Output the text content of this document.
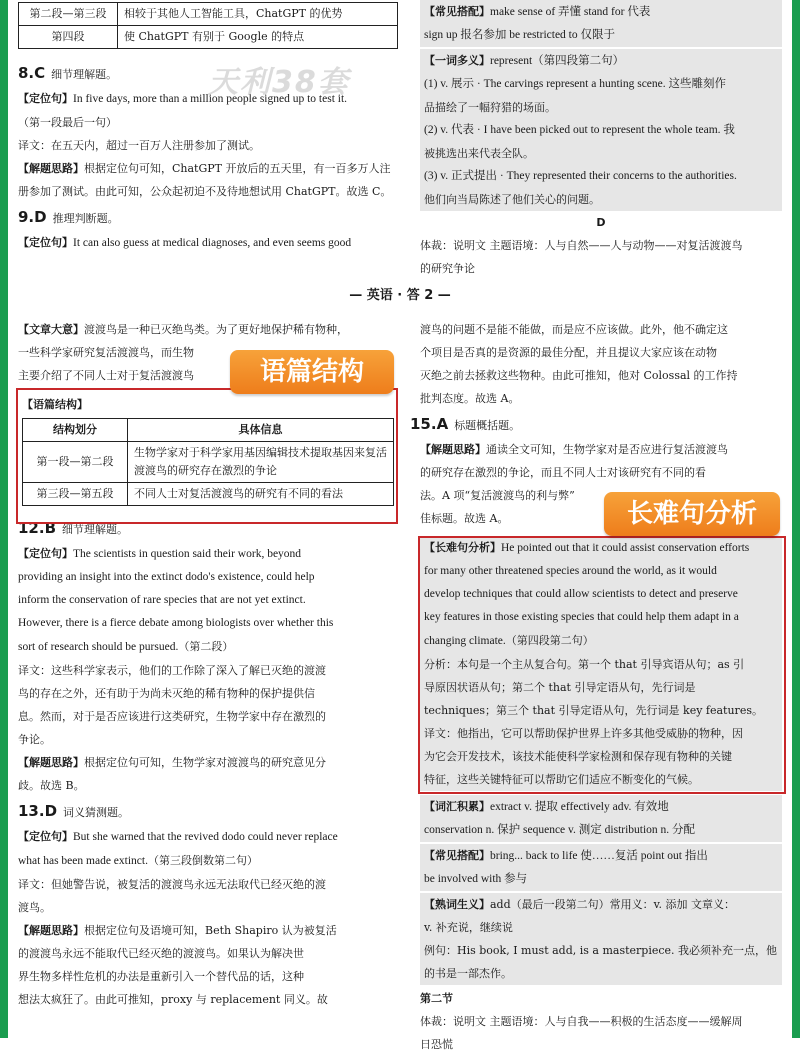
第二段—第三段	相较于其他人工智能工具，ChatGPT 的优势
第四段	使 ChatGPT 有别于 Google 的特点

8.C 细节理解题。

【定位句】In five days, more than a million people signed up to test it.

（第一段最后一句）

译文：在五天内，超过一百万人注册参加了测试。

【解题思路】根据定位句可知，ChatGPT 开放后的五天里，有一百多万人注册参加了测试。由此可知，公众起初迫不及待地想试用 ChatGPT。故选 C。

9.D 推理判断题。

【定位句】It can also guess at medical diagnoses, and even seems good

天利38套

【常见搭配】make sense of 弄懂 stand for 代表

sign up 报名参加 be restricted to 仅限于

【一词多义】represent（第四段第二句）

(1) v. 展示 · The carvings represent a hunting scene. 这些雕刻作

品描绘了一幅狩猎的场面。

(2) v. 代表 · I have been picked out to represent the whole team. 我

被挑选出来代表全队。

(3) v. 正式提出 · They represented their concerns to the authorities.

他们向当局陈述了他们关心的问题。

D

体裁：说明文 主题语境：人与自然——人与动物——对复活渡渡鸟

的研究争论

— 英语 · 答 2 —

【文章大意】渡渡鸟是一种已灭绝鸟类。为了更好地保护稀有物种，

一些科学家研究复活渡渡鸟，而生物

主要介绍了不同人士对于复活渡渡鸟

【语篇结构】

结构划分	具体信息
第一段—第二段	生物学家对于科学家用基因编辑技术提取基因来复活渡渡鸟的研究存在激烈的争论
第三段—第五段	不同人士对复活渡渡鸟的研究有不同的看法

12.B 细节理解题。

【定位句】The scientists in question said their work, beyond

providing an insight into the extinct dodo's existence, could help

inform the conservation of rare species that are not yet extinct.

However, there is a fierce debate among biologists over whether this

sort of research should be pursued.（第二段）

译文：这些科学家表示，他们的工作除了深入了解已灭绝的渡渡

鸟的存在之外，还有助于为尚未灭绝的稀有物种的保护提供信

息。然而，对于是否应该进行这类研究，生物学家中存在激烈的

争论。

【解题思路】根据定位句可知，生物学家对渡渡鸟的研究意见分

歧。故选 B。

13.D 词义猜测题。

【定位句】But she warned that the revived dodo could never replace

what has been made extinct.（第三段倒数第二句）

译文：但她警告说，被复活的渡渡鸟永远无法取代已经灭绝的渡

渡鸟。

【解题思路】根据定位句及语境可知，Beth Shapiro 认为被复活

的渡渡鸟永远不能取代已经灭绝的渡渡鸟。如果认为解决世

界生物多样性危机的办法是重新引入一个替代品的话，这种

想法太疯狂了。由此可推知，proxy 与 replacement 同义。故

语篇结构

渡鸟的问题不是能不能做，而是应不应该做。此外，他不确定这

个项目是否真的是资源的最佳分配，并且提议大家应该在动物

灭绝之前去拯救这些物种。由此可推知，他对 Colossal 的工作持

批判态度。故选 A。

15.A 标题概括题。

【解题思路】通读全文可知，生物学家对是否应进行复活渡渡鸟

的研究存在激烈的争论，而且不同人士对该研究有不同的看

法。A 项“复活渡渡鸟的利与弊”

佳标题。故选 A。

【长难句分析】He pointed out that it could assist conservation efforts

for many other threatened species around the world, as it would

develop techniques that could allow scientists to detect and preserve

key features in those existing species that could help them adapt in a

changing climate.（第四段第二句）

分析：本句是一个主从复合句。第一个 that 引导宾语从句；as 引

导原因状语从句；第二个 that 引导定语从句，先行词是

techniques；第三个 that 引导定语从句，先行词是 key features。

译文：他指出，它可以帮助保护世界上许多其他受威胁的物种，因

为它会开发技术，该技术能使科学家检测和保存现有物种的关键

特征，这些关键特征可以帮助它们适应不断变化的气候。

【词汇积累】extract v. 提取 effectively adv. 有效地

conservation n. 保护 sequence v. 测定 distribution n. 分配

【常见搭配】bring... back to life 使……复活 point out 指出

be involved with 参与

【熟词生义】add（最后一段第二句）常用义：v. 添加 文章义：

v. 补充说，继续说

例句：His book, I must add, is a masterpiece. 我必须补充一点，他

的书是一部杰作。

第二节

体裁：说明文 主题语境：人与自我——积极的生活态度——缓解周

日恐慌

长难句分析
